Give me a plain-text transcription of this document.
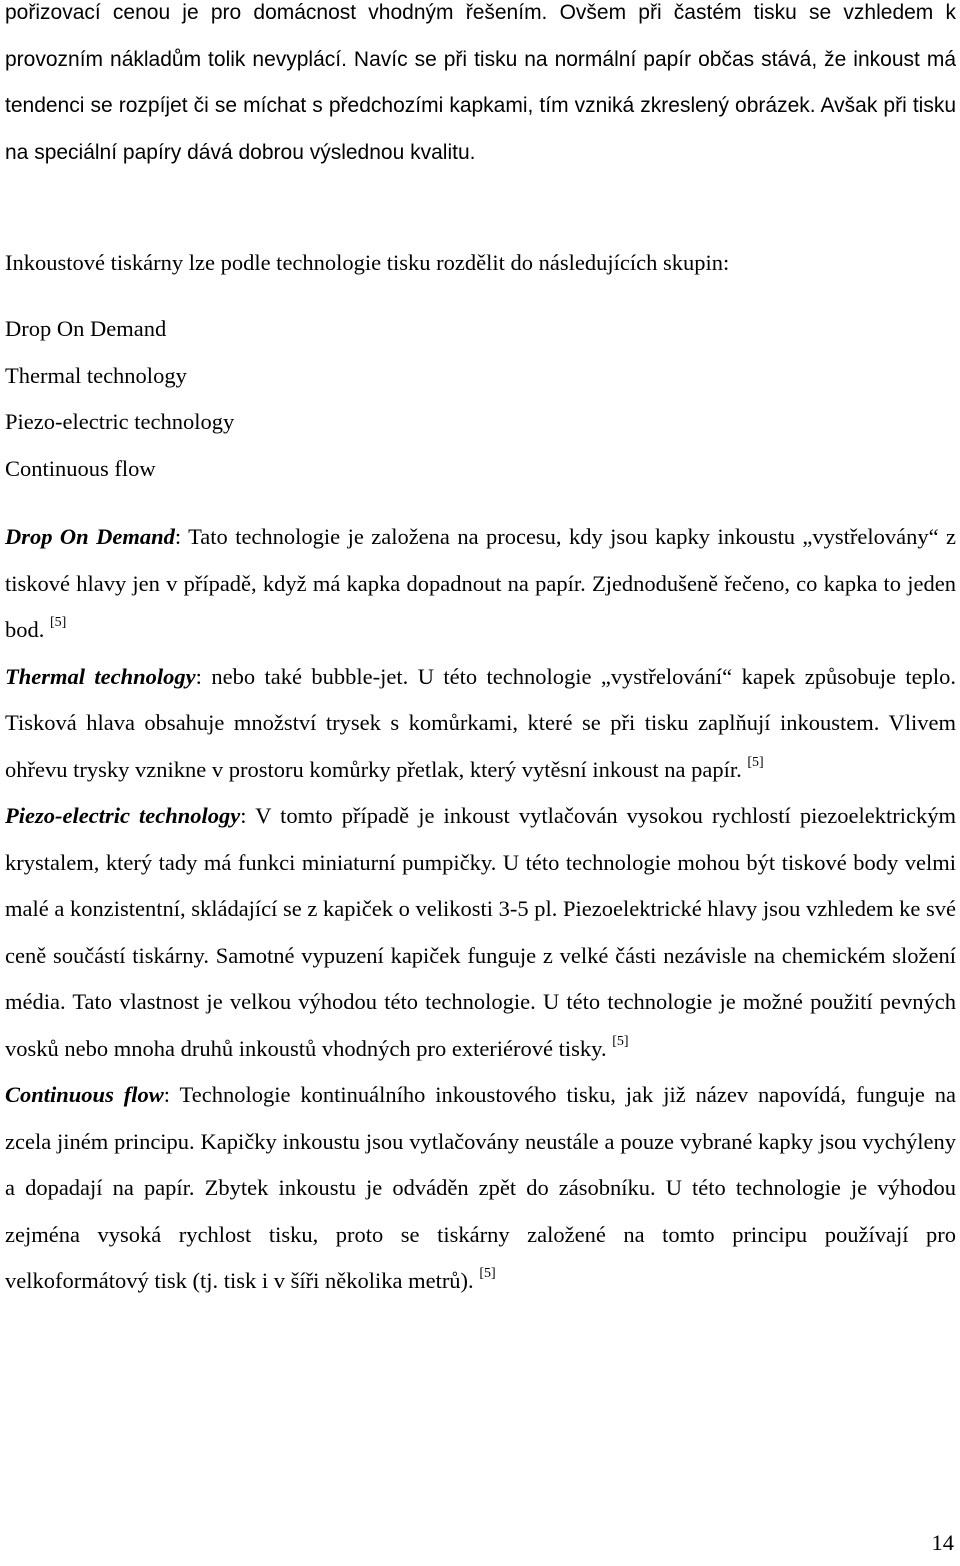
pořizovací cenou je pro domácnost vhodným řešením. Ovšem při častém tisku se vzhledem k provozním nákladům tolik nevyplácí. Navíc se při tisku na normální papír občas stává, že inkoust má tendenci se rozpíjet či se míchat s předchozími kapkami, tím vzniká zkreslený obrázek. Avšak při tisku na speciální papíry dává dobrou výslednou kvalitu.

Inkoustové tiskárny lze podle technologie tisku rozdělit do následujících skupin:

Drop On Demand
Thermal technology
Piezo-electric technology
Continuous flow
Drop On Demand: Tato technologie je založena na procesu, kdy jsou kapky inkoustu „vystřelovány“ z tiskové hlavy jen v případě, když má kapka dopadnout na papír. Zjednodušeně řečeno, co kapka to jeden bod. [5]
Thermal technology: nebo také bubble-jet. U této technologie „vystřelování“ kapek způsobuje teplo. Tisková hlava obsahuje množství trysek s komůrkami, které se při tisku zaplňují inkoustem. Vlivem ohřevu trysky vznikne v prostoru komůrky přetlak, který vytěsní inkoust na papír. [5]
Piezo-electric technology: V tomto případě je inkoust vytlačován vysokou rychlostí piezoelektrickým krystalem, který tady má funkci miniaturní pumpičky. U této technologie mohou být tiskové body velmi malé a konzistentní, skládající se z kapiček o velikosti 3-5 pl. Piezoelektrické hlavy jsou vzhledem ke své ceně součástí tiskárny. Samotné vypuzení kapiček funguje z velké části nezávisle na chemickém složení média. Tato vlastnost je velkou výhodou této technologie. U této technologie je možné použití pevných vosků nebo mnoha druhů inkoustů vhodných pro exteriérové tisky. [5]
Continuous flow: Technologie kontinuálního inkoustového tisku, jak již název napovídá, funguje na zcela jiném principu. Kapičky inkoustu jsou vytlačovány neustále a pouze vybrané kapky jsou vychýleny a dopadají na papír. Zbytek inkoustu je odváděn zpět do zásobníku. U této technologie je výhodou zejména vysoká rychlost tisku, proto se tiskárny založené na tomto principu používají pro velkoformátový tisk (tj. tisk i v šíři několika metrů). [5]
14
